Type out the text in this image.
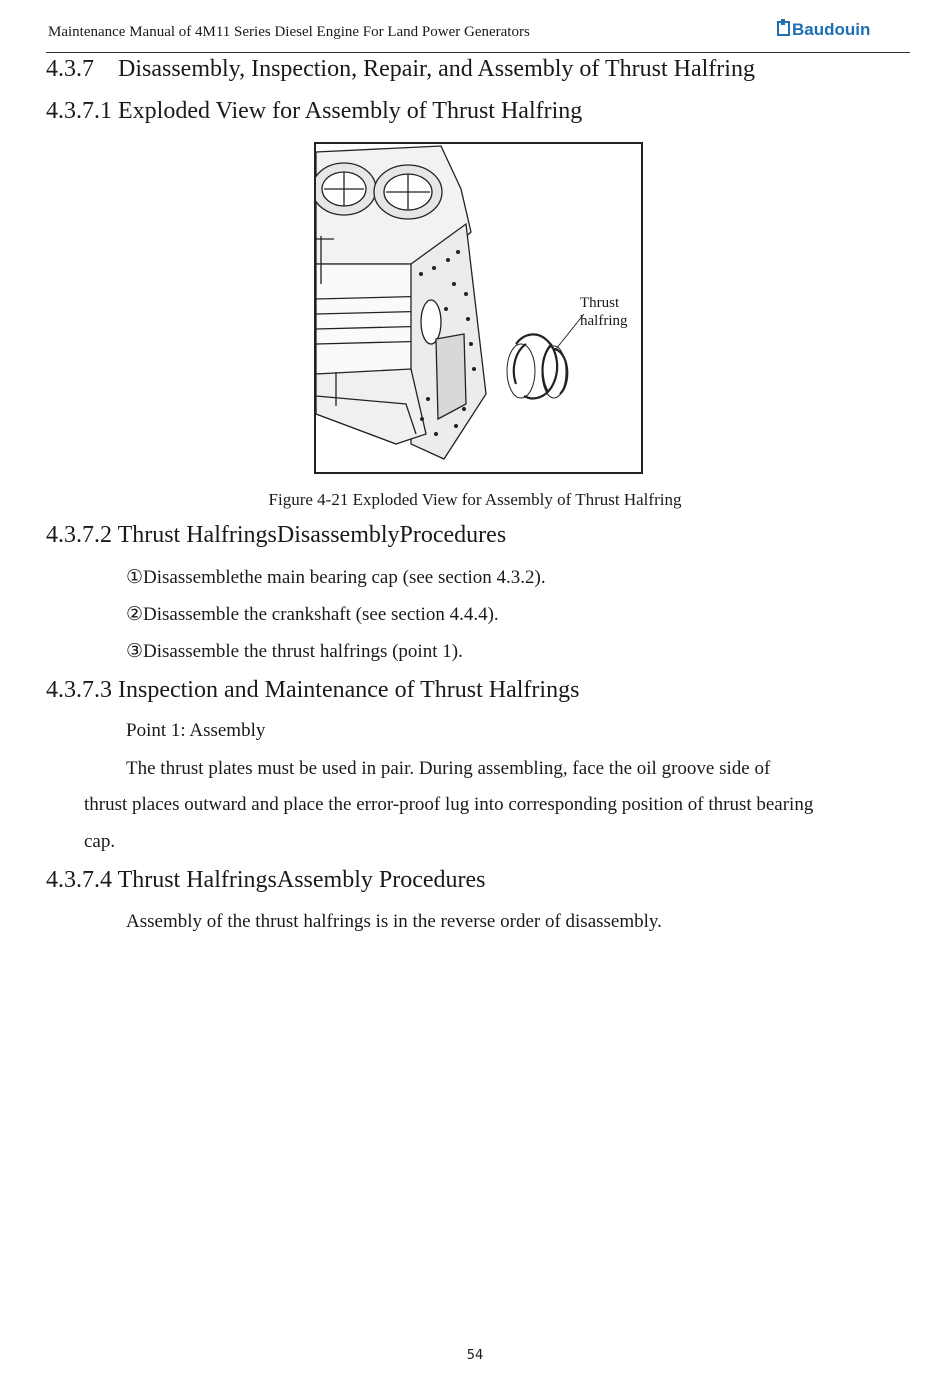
Maintenance Manual of 4M11 Series Diesel Engine For Land Power Generators	Baudouin
4.3.7 Disassembly, Inspection, Repair, and Assembly of Thrust Halfring
4.3.7.1 Exploded View for Assembly of Thrust Halfring
Thrust
halfring
Figure 4-21 Exploded View for Assembly of Thrust Halfring
4.3.7.2 Thrust HalfringsDisassemblyProcedures
①Disassemblethe main bearing cap (see section 4.3.2).
②Disassemble the crankshaft (see section 4.4.4).
③Disassemble the thrust halfrings (point 1).
4.3.7.3 Inspection and Maintenance of Thrust Halfrings
Point 1: Assembly
The thrust plates must be used in pair. During assembling, face the oil groove side of
thrust places outward and place the error-proof lug into corresponding position of thrust bearing
cap.
4.3.7.4 Thrust HalfringsAssembly Procedures
Assembly of the thrust halfrings is in the reverse order of disassembly.
54
